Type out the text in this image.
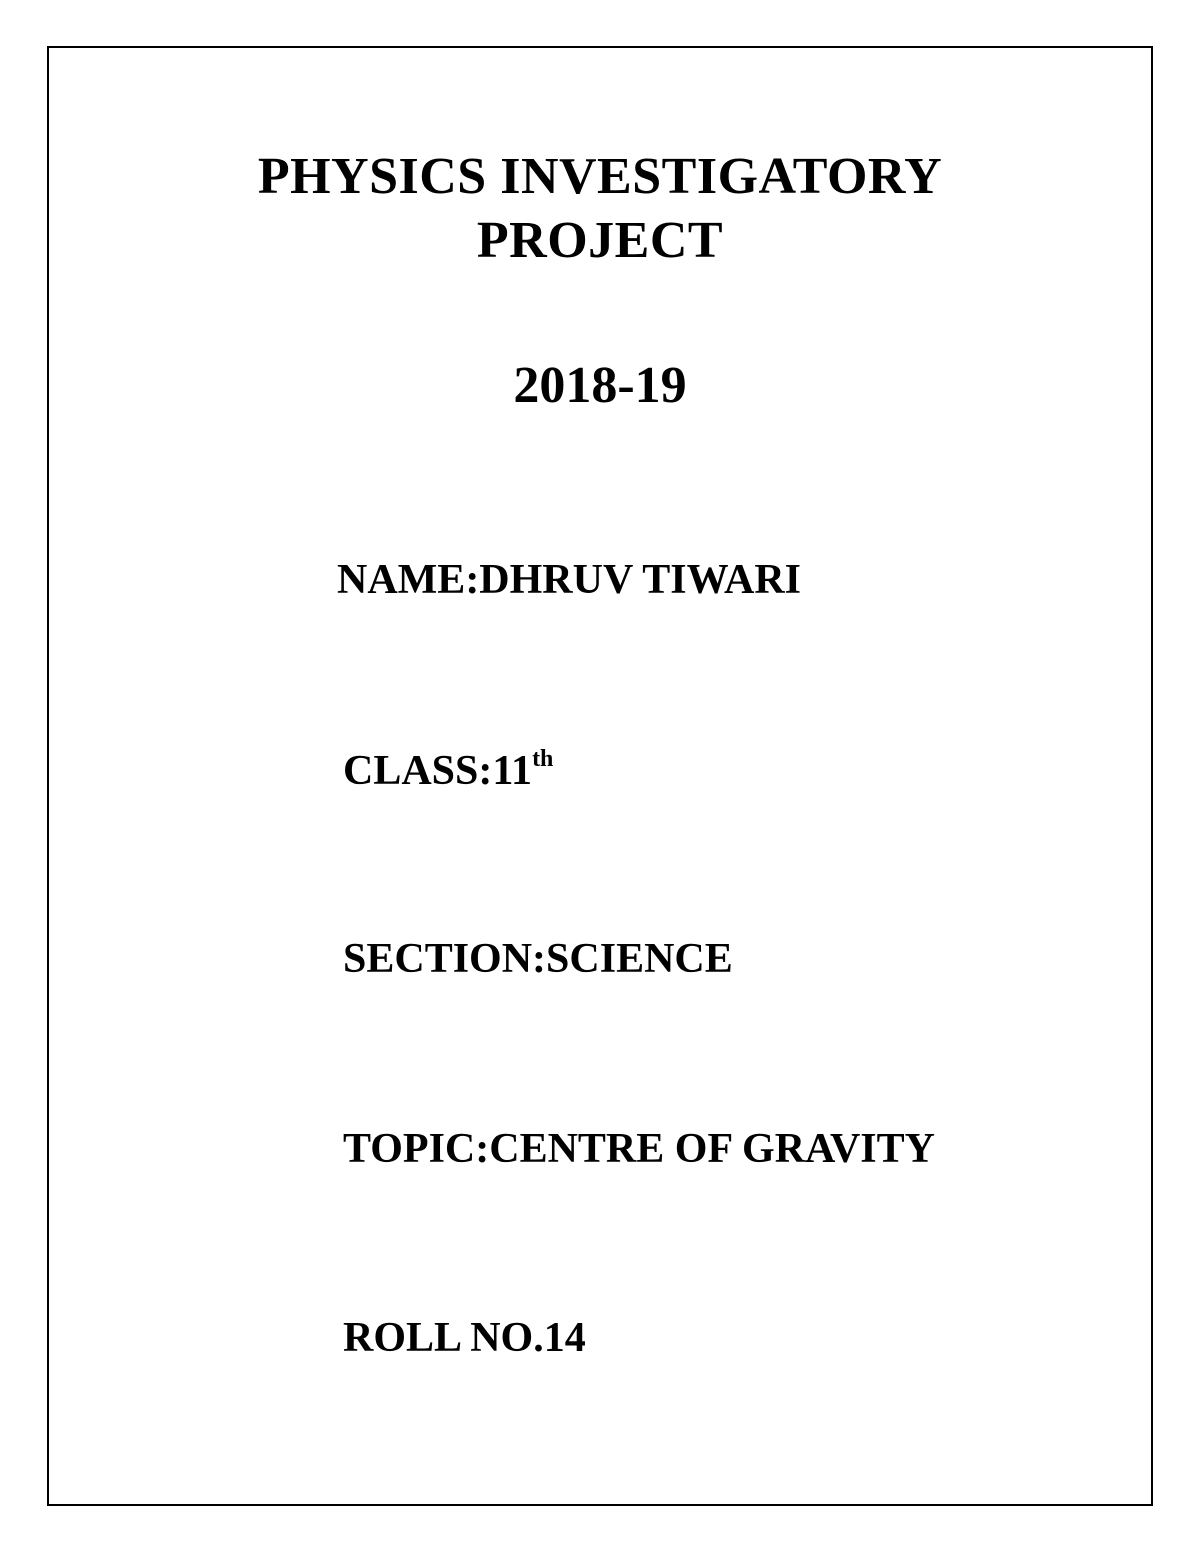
PHYSICS INVESTIGATORY
PROJECT
2018-19
NAME:DHRUV TIWARI
CLASS:11th
SECTION:SCIENCE
TOPIC:CENTRE OF GRAVITY
ROLL NO.14
